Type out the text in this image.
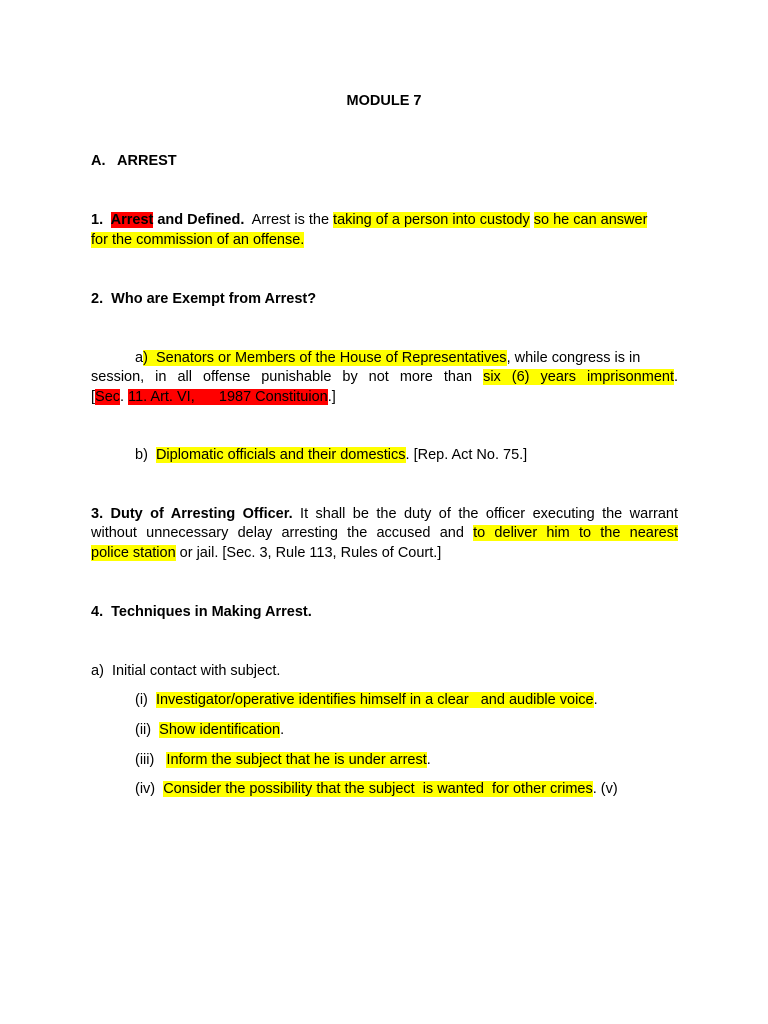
MODULE 7
A.   ARREST
1.  Arrest and Defined.  Arrest is the taking of a person into custody so he can answer
for the commission of an offense.
2.  Who are Exempt from Arrest?
a)  Senators or Members of the House of Representatives, while congress is in
session, in all offense punishable by not more than six (6) years imprisonment.
[Sec. 11. Art. VI,      1987 Constituion.]
b)  Diplomatic officials and their domestics. [Rep. Act No. 75.]
3. Duty of Arresting Officer. It shall be the duty of the officer executing the warrant
without unnecessary delay arresting the accused and to deliver him to the nearest
police station or jail. [Sec. 3, Rule 113, Rules of Court.]
4.  Techniques in Making Arrest.
a)  Initial contact with subject.
(i)  Investigator/operative identifies himself in a clear   and audible voice.
(ii)  Show identification.
(iii)   Inform the subject that he is under arrest.
(iv)  Consider the possibility that the subject  is wanted  for other crimes. (v)
